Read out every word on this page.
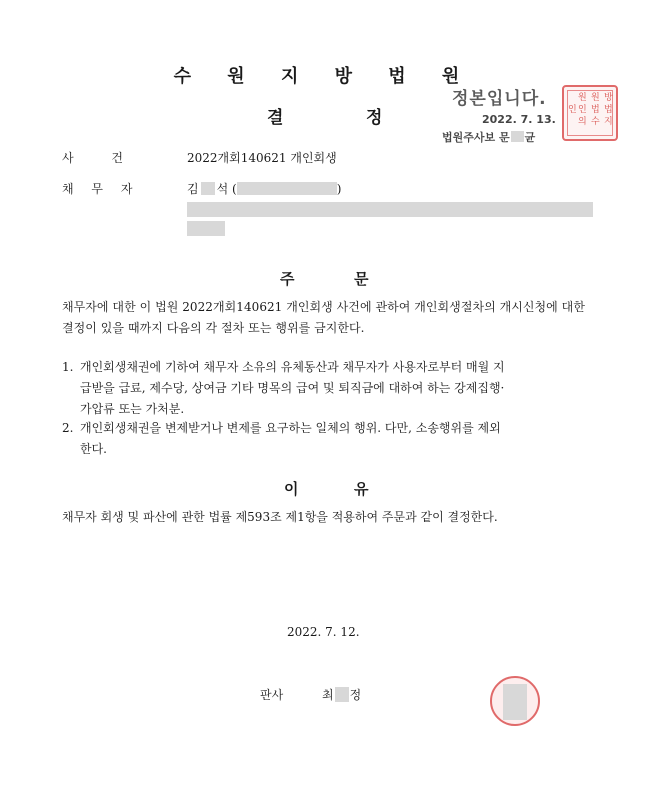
수 원 지 방 법 원
결	정
정본입니다.
2022. 7. 13.
법원주사보 문 균
방
원
원
법
법
인
지
수
의
인
사 건	2022개회140621 개인회생
채 무 자	김 석 (	)
주	문
채무자에 대한 이 법원 2022개회140621 개인회생 사건에 관하여 개인회생절차의 개시신청에 대한 결정이 있을 때까지 다음의 각 절차 또는 행위를 금지한다.
1. 개인회생채권에 기하여 채무자 소유의 유체동산과 채무자가 사용자로부터 매월 지
급받을 급료, 제수당, 상여금 기타 명목의 급여 및 퇴직금에 대하여 하는 강제집행·
가압류 또는 가처분.
2. 개인회생채권을 변제받거나 변제를 요구하는 일체의 행위. 다만, 소송행위를 제외
한다.
이	유
채무자 회생 및 파산에 관한 법률 제593조 제1항을 적용하여 주문과 같이 결정한다.
2022. 7. 12.
판사	최 정
